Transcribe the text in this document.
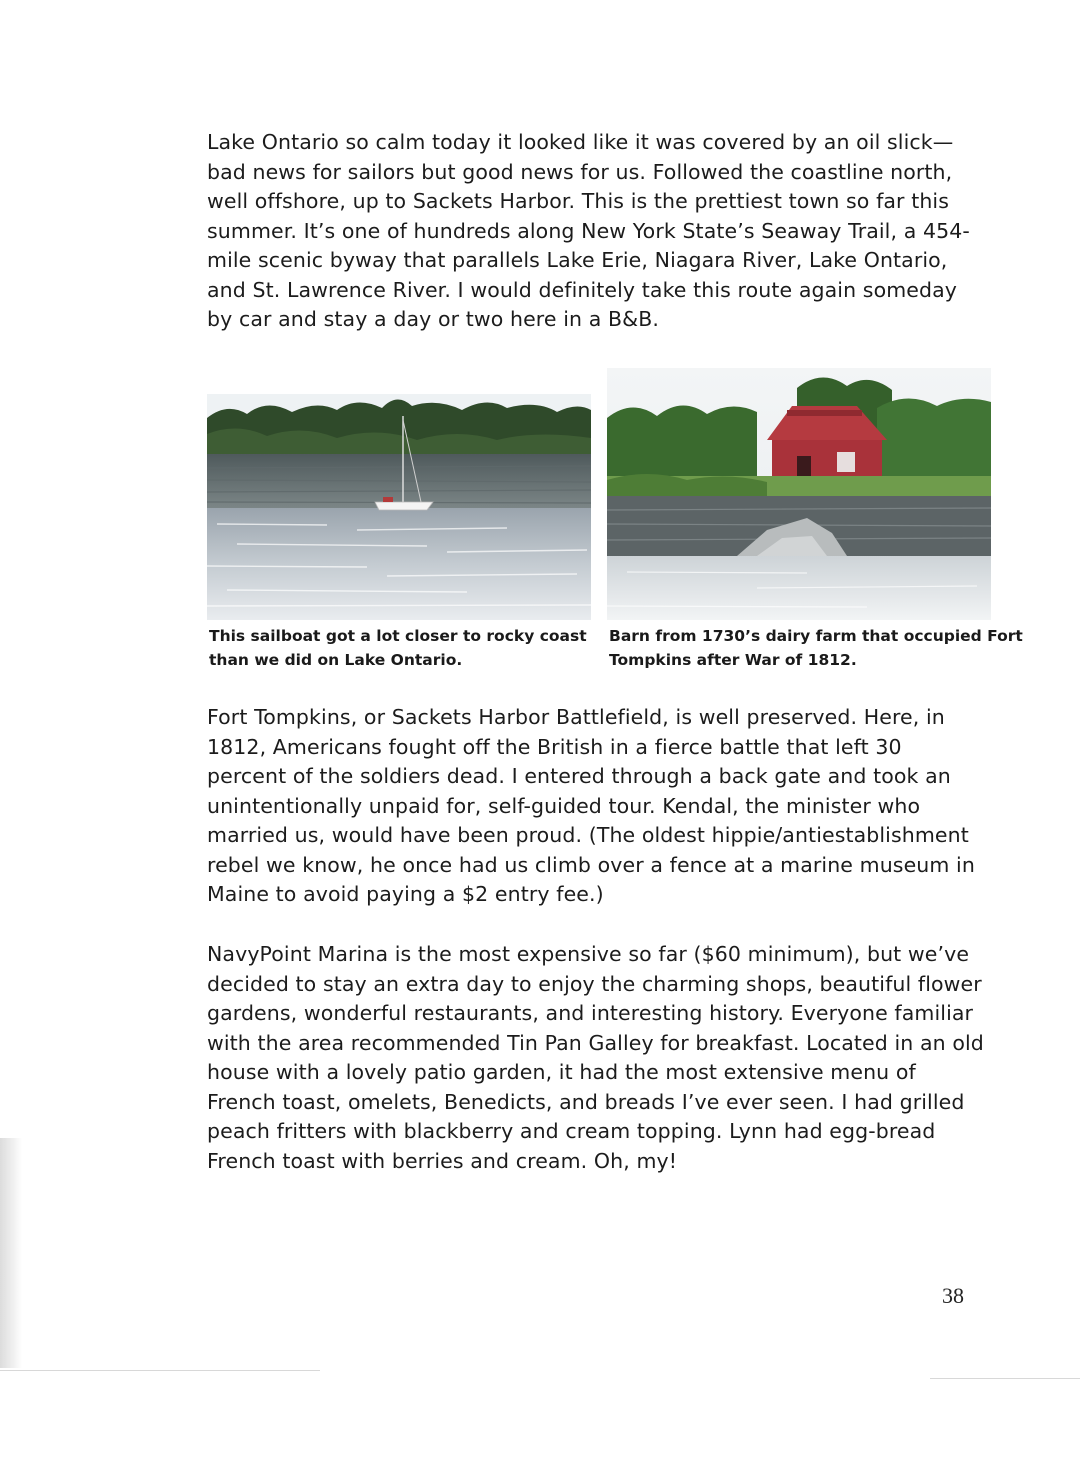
Lake Ontario so calm today it looked like it was covered by an oil slick—bad news for sailors but good news for us. Followed the coastline north, well offshore, up to Sackets Harbor. This is the prettiest town so far this summer. It’s one of hundreds along New York State’s Seaway Trail, a 454-mile scenic byway that parallels Lake Erie, Niagara River, Lake Ontario, and St. Lawrence River. I would definitely take this route again someday by car and stay a day or two here in a B&B.

This sailboat got a lot closer to rocky coast than we did on Lake Ontario.

Barn from 1730’s dairy farm that occupied Fort Tompkins after War of 1812.

Fort Tompkins, or Sackets Harbor Battlefield, is well preserved. Here, in 1812, Americans fought off the British in a fierce battle that left 30 percent of the soldiers dead. I entered through a back gate and took an unintentionally unpaid for, self-guided tour. Kendal, the minister who married us, would have been proud. (The oldest hippie/antiestablishment rebel we know, he once had us climb over a fence at a marine museum in Maine to avoid paying a $2 entry fee.)

NavyPoint Marina is the most expensive so far ($60 minimum), but we’ve decided to stay an extra day to enjoy the charming shops, beautiful flower gardens, wonderful restaurants, and interesting history. Everyone familiar with the area recommended Tin Pan Galley for breakfast. Located in an old house with a lovely patio garden, it had the most extensive menu of French toast, omelets, Benedicts, and breads I’ve ever seen. I had grilled peach fritters with blackberry and cream topping. Lynn had egg-bread French toast with berries and cream. Oh, my!

38
